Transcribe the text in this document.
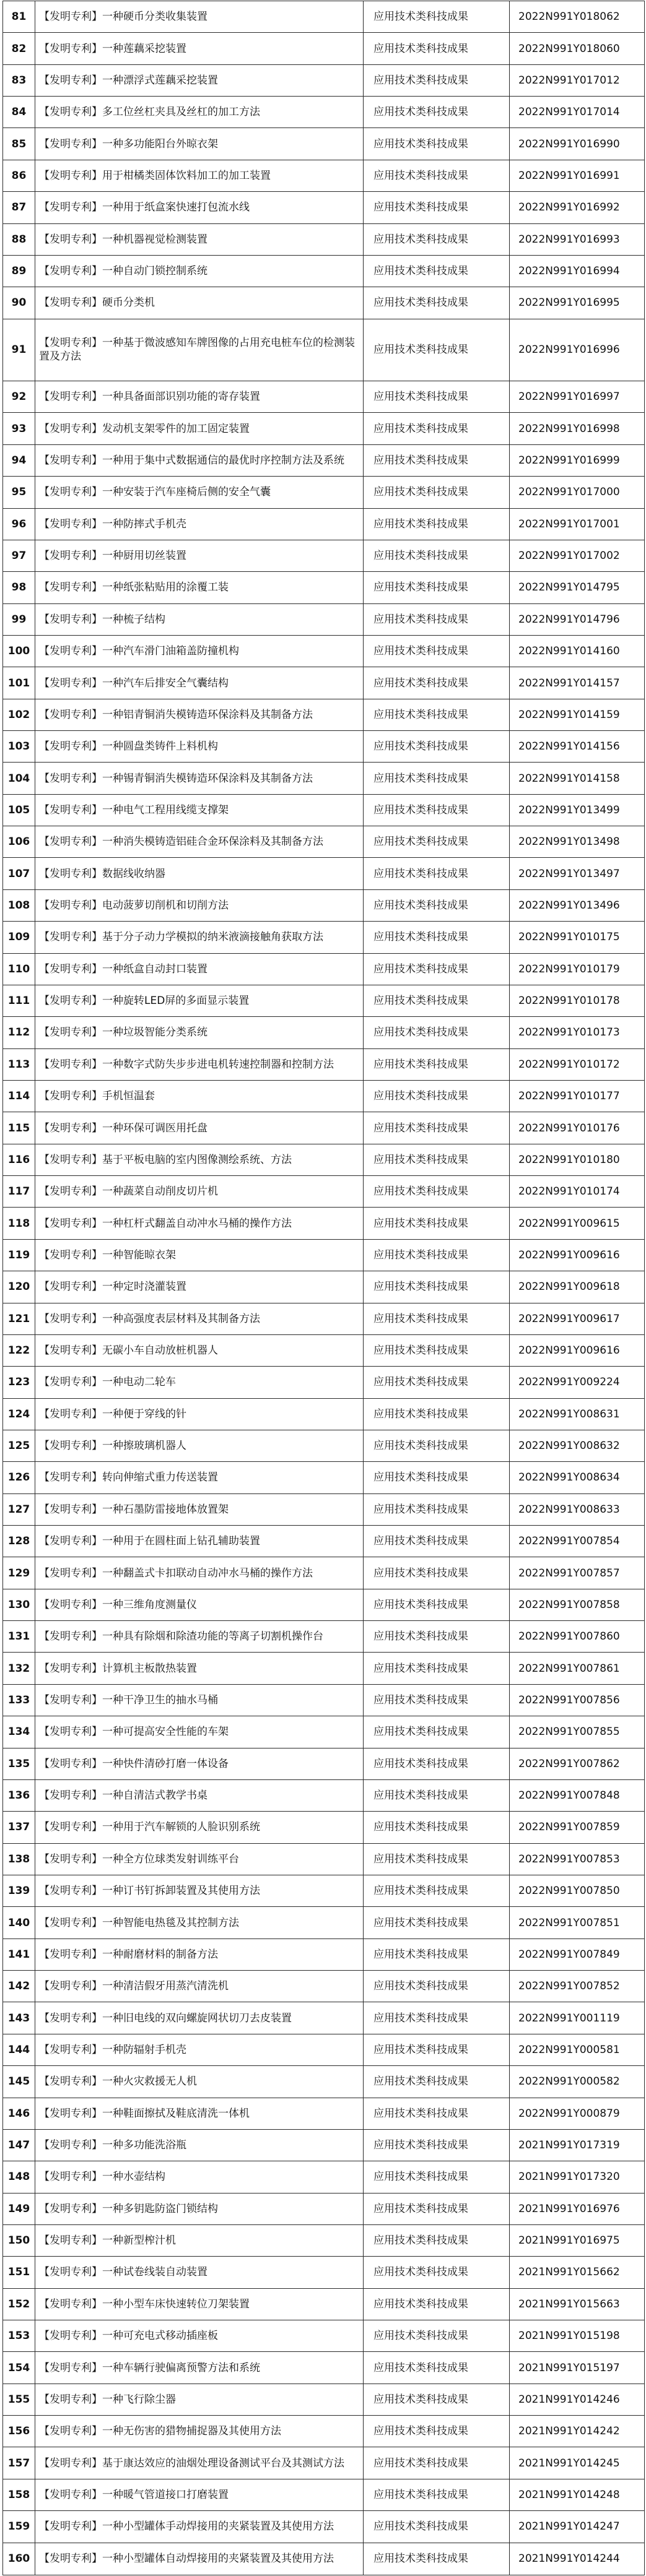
81	【发明专利】一种硬币分类收集装置	应用技术类科技成果	2022N991Y018062
82	【发明专利】一种莲藕采挖装置	应用技术类科技成果	2022N991Y018060
83	【发明专利】一种漂浮式莲藕采挖装置	应用技术类科技成果	2022N991Y017012
84	【发明专利】多工位丝杠夹具及丝杠的加工方法	应用技术类科技成果	2022N991Y017014
85	【发明专利】一种多功能阳台外晾衣架	应用技术类科技成果	2022N991Y016990
86	【发明专利】用于柑橘类固体饮料加工的加工装置	应用技术类科技成果	2022N991Y016991
87	【发明专利】一种用于纸盒案快速打包流水线	应用技术类科技成果	2022N991Y016992
88	【发明专利】一种机器视觉检测装置	应用技术类科技成果	2022N991Y016993
89	【发明专利】一种自动门锁控制系统	应用技术类科技成果	2022N991Y016994
90	【发明专利】硬币分类机	应用技术类科技成果	2022N991Y016995
91	【发明专利】一种基于微波感知车牌图像的占用充电桩车位的检测装置及方法	应用技术类科技成果	2022N991Y016996
92	【发明专利】一种具备面部识别功能的寄存装置	应用技术类科技成果	2022N991Y016997
93	【发明专利】发动机支架零件的加工固定装置	应用技术类科技成果	2022N991Y016998
94	【发明专利】一种用于集中式数据通信的最优时序控制方法及系统	应用技术类科技成果	2022N991Y016999
95	【发明专利】一种安装于汽车座椅后侧的安全气囊	应用技术类科技成果	2022N991Y017000
96	【发明专利】一种防摔式手机壳	应用技术类科技成果	2022N991Y017001
97	【发明专利】一种厨用切丝装置	应用技术类科技成果	2022N991Y017002
98	【发明专利】一种纸张粘贴用的涂覆工装	应用技术类科技成果	2022N991Y014795
99	【发明专利】一种梳子结构	应用技术类科技成果	2022N991Y014796
100	【发明专利】一种汽车滑门油箱盖防撞机构	应用技术类科技成果	2022N991Y014160
101	【发明专利】一种汽车后排安全气囊结构	应用技术类科技成果	2022N991Y014157
102	【发明专利】一种铝青铜消失模铸造环保涂料及其制备方法	应用技术类科技成果	2022N991Y014159
103	【发明专利】一种圆盘类铸件上料机构	应用技术类科技成果	2022N991Y014156
104	【发明专利】一种锡青铜消失模铸造环保涂料及其制备方法	应用技术类科技成果	2022N991Y014158
105	【发明专利】一种电气工程用线缆支撑架	应用技术类科技成果	2022N991Y013499
106	【发明专利】一种消失模铸造铝硅合金环保涂料及其制备方法	应用技术类科技成果	2022N991Y013498
107	【发明专利】数据线收纳器	应用技术类科技成果	2022N991Y013497
108	【发明专利】电动菠萝切削机和切削方法	应用技术类科技成果	2022N991Y013496
109	【发明专利】基于分子动力学模拟的纳米液滴接触角获取方法	应用技术类科技成果	2022N991Y010175
110	【发明专利】一种纸盒自动封口装置	应用技术类科技成果	2022N991Y010179
111	【发明专利】一种旋转LED屏的多面显示装置	应用技术类科技成果	2022N991Y010178
112	【发明专利】一种垃圾智能分类系统	应用技术类科技成果	2022N991Y010173
113	【发明专利】一种数字式防失步步进电机转速控制器和控制方法	应用技术类科技成果	2022N991Y010172
114	【发明专利】手机恒温套	应用技术类科技成果	2022N991Y010177
115	【发明专利】一种环保可调医用托盘	应用技术类科技成果	2022N991Y010176
116	【发明专利】基于平板电脑的室内图像测绘系统、方法	应用技术类科技成果	2022N991Y010180
117	【发明专利】一种蔬菜自动削皮切片机	应用技术类科技成果	2022N991Y010174
118	【发明专利】一种杠杆式翻盖自动冲水马桶的操作方法	应用技术类科技成果	2022N991Y009615
119	【发明专利】一种智能晾衣架	应用技术类科技成果	2022N991Y009616
120	【发明专利】一种定时浇灌装置	应用技术类科技成果	2022N991Y009618
121	【发明专利】一种高强度表层材料及其制备方法	应用技术类科技成果	2022N991Y009617
122	【发明专利】无碳小车自动放桩机器人	应用技术类科技成果	2022N991Y009616
123	【发明专利】一种电动二轮车	应用技术类科技成果	2022N991Y009224
124	【发明专利】一种便于穿线的针	应用技术类科技成果	2022N991Y008631
125	【发明专利】一种擦玻璃机器人	应用技术类科技成果	2022N991Y008632
126	【发明专利】转向伸缩式重力传送装置	应用技术类科技成果	2022N991Y008634
127	【发明专利】一种石墨防雷接地体放置架	应用技术类科技成果	2022N991Y008633
128	【发明专利】一种用于在圆柱面上钻孔辅助装置	应用技术类科技成果	2022N991Y007854
129	【发明专利】一种翻盖式卡扣联动自动冲水马桶的操作方法	应用技术类科技成果	2022N991Y007857
130	【发明专利】一种三维角度测量仪	应用技术类科技成果	2022N991Y007858
131	【发明专利】一种具有除烟和除渣功能的等离子切割机操作台	应用技术类科技成果	2022N991Y007860
132	【发明专利】计算机主板散热装置	应用技术类科技成果	2022N991Y007861
133	【发明专利】一种干净卫生的抽水马桶	应用技术类科技成果	2022N991Y007856
134	【发明专利】一种可提高安全性能的车架	应用技术类科技成果	2022N991Y007855
135	【发明专利】一种快件清砂打磨一体设备	应用技术类科技成果	2022N991Y007862
136	【发明专利】一种自清洁式教学书桌	应用技术类科技成果	2022N991Y007848
137	【发明专利】一种用于汽车解锁的人脸识别系统	应用技术类科技成果	2022N991Y007859
138	【发明专利】一种全方位球类发射训练平台	应用技术类科技成果	2022N991Y007853
139	【发明专利】一种订书钉拆卸装置及其使用方法	应用技术类科技成果	2022N991Y007850
140	【发明专利】一种智能电热毯及其控制方法	应用技术类科技成果	2022N991Y007851
141	【发明专利】一种耐磨材料的制备方法	应用技术类科技成果	2022N991Y007849
142	【发明专利】一种清洁假牙用蒸汽清洗机	应用技术类科技成果	2022N991Y007852
143	【发明专利】一种旧电线的双向螺旋网状切刀去皮装置	应用技术类科技成果	2022N991Y001119
144	【发明专利】一种防辐射手机壳	应用技术类科技成果	2022N991Y000581
145	【发明专利】一种火灾救援无人机	应用技术类科技成果	2022N991Y000582
146	【发明专利】一种鞋面擦拭及鞋底清洗一体机	应用技术类科技成果	2022N991Y000879
147	【发明专利】一种多功能洗浴瓶	应用技术类科技成果	2021N991Y017319
148	【发明专利】一种水壶结构	应用技术类科技成果	2021N991Y017320
149	【发明专利】一种多钥匙防盗门锁结构	应用技术类科技成果	2021N991Y016976
150	【发明专利】一种新型榨汁机	应用技术类科技成果	2021N991Y016975
151	【发明专利】一种试卷线装自动装置	应用技术类科技成果	2021N991Y015662
152	【发明专利】一种小型车床快速转位刀架装置	应用技术类科技成果	2021N991Y015663
153	【发明专利】一种可充电式移动插座板	应用技术类科技成果	2021N991Y015198
154	【发明专利】一种车辆行驶偏离预警方法和系统	应用技术类科技成果	2021N991Y015197
155	【发明专利】一种飞行除尘器	应用技术类科技成果	2021N991Y014246
156	【发明专利】一种无伤害的猎物捕捉器及其使用方法	应用技术类科技成果	2021N991Y014242
157	【发明专利】基于康达效应的油烟处理设备测试平台及其测试方法	应用技术类科技成果	2021N991Y014245
158	【发明专利】一种暖气管道接口打磨装置	应用技术类科技成果	2021N991Y014248
159	【发明专利】一种小型罐体手动焊接用的夹紧装置及其使用方法	应用技术类科技成果	2021N991Y014247
160	【发明专利】一种小型罐体自动焊接用的夹紧装置及其使用方法	应用技术类科技成果	2021N991Y014244
